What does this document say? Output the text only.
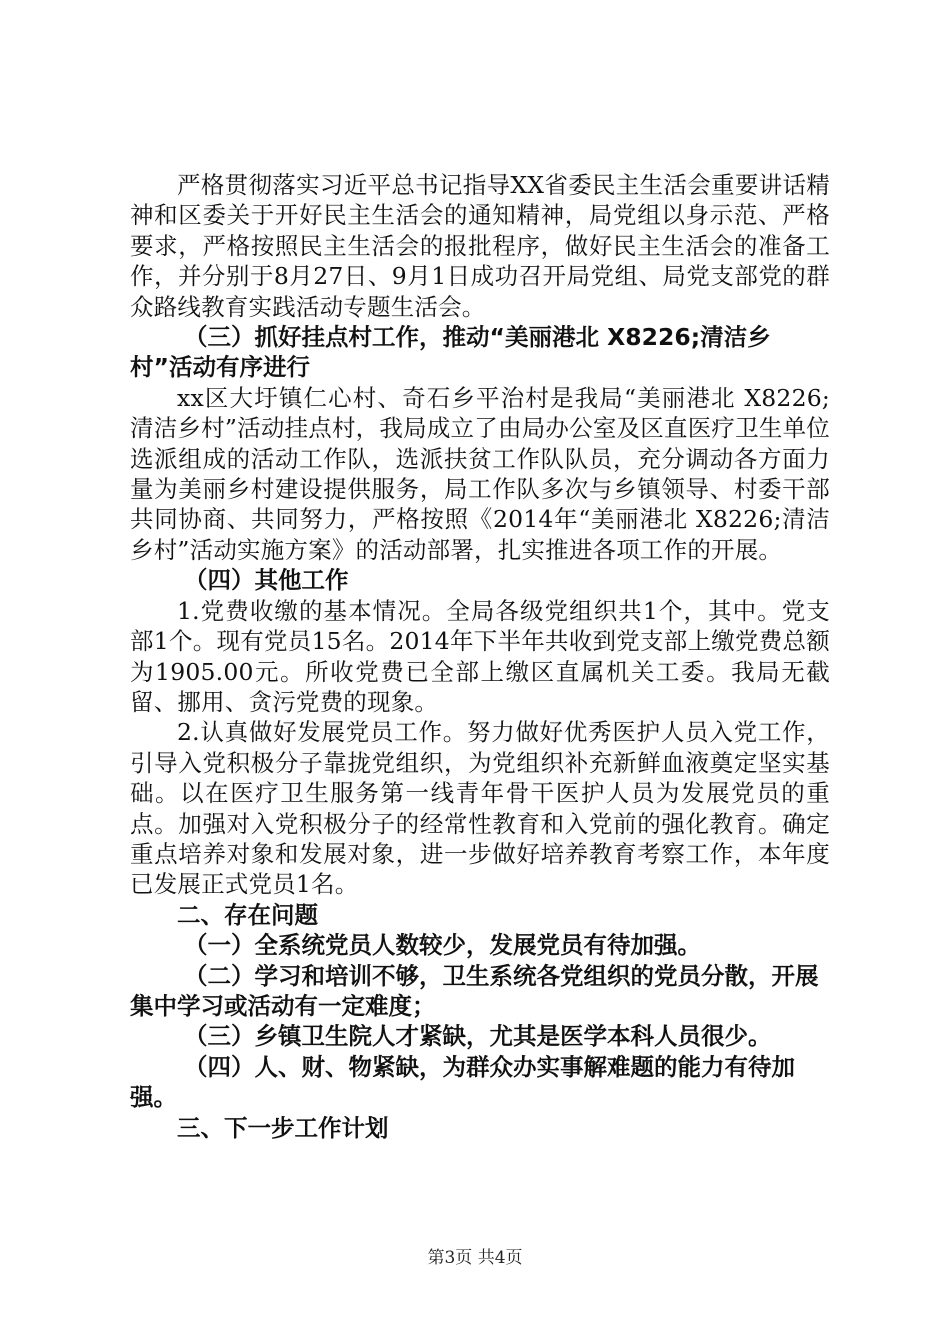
严格贯彻落实习近平总书记指导XX省委民主生活会重要讲话精神和区委关于开好民主生活会的通知精神，局党组以身示范、严格要求，严格按照民主生活会的报批程序，做好民主生活会的准备工作，并分别于8月27日、9月1日成功召开局党组、局党支部党的群众路线教育实践活动专题生活会。

（三）抓好挂点村工作，推动“美丽港北 X8226;清洁乡村”活动有序进行

xx区大圩镇仁心村、奇石乡平治村是我局“美丽港北 X8226;清洁乡村”活动挂点村，我局成立了由局办公室及区直医疗卫生单位选派组成的活动工作队，选派扶贫工作队队员，充分调动各方面力量为美丽乡村建设提供服务，局工作队多次与乡镇领导、村委干部共同协商、共同努力，严格按照《2014年“美丽港北 X8226;清洁乡村”活动实施方案》的活动部署，扎实推进各项工作的开展。

（四）其他工作

1.党费收缴的基本情况。全局各级党组织共1个，其中。党支部1个。现有党员15名。2014年下半年共收到党支部上缴党费总额为1905.00元。所收党费已全部上缴区直属机关工委。我局无截留、挪用、贪污党费的现象。

2.认真做好发展党员工作。努力做好优秀医护人员入党工作，引导入党积极分子靠拢党组织，为党组织补充新鲜血液奠定坚实基础。以在医疗卫生服务第一线青年骨干医护人员为发展党员的重点。加强对入党积极分子的经常性教育和入党前的强化教育。确定重点培养对象和发展对象，进一步做好培养教育考察工作，本年度已发展正式党员1名。

二、存在问题

（一）全系统党员人数较少，发展党员有待加强。

（二）学习和培训不够，卫生系统各党组织的党员分散，开展集中学习或活动有一定难度；

（三）乡镇卫生院人才紧缺，尤其是医学本科人员很少。

（四）人、财、物紧缺，为群众办实事解难题的能力有待加强。

三、下一步工作计划

第3页 共4页
